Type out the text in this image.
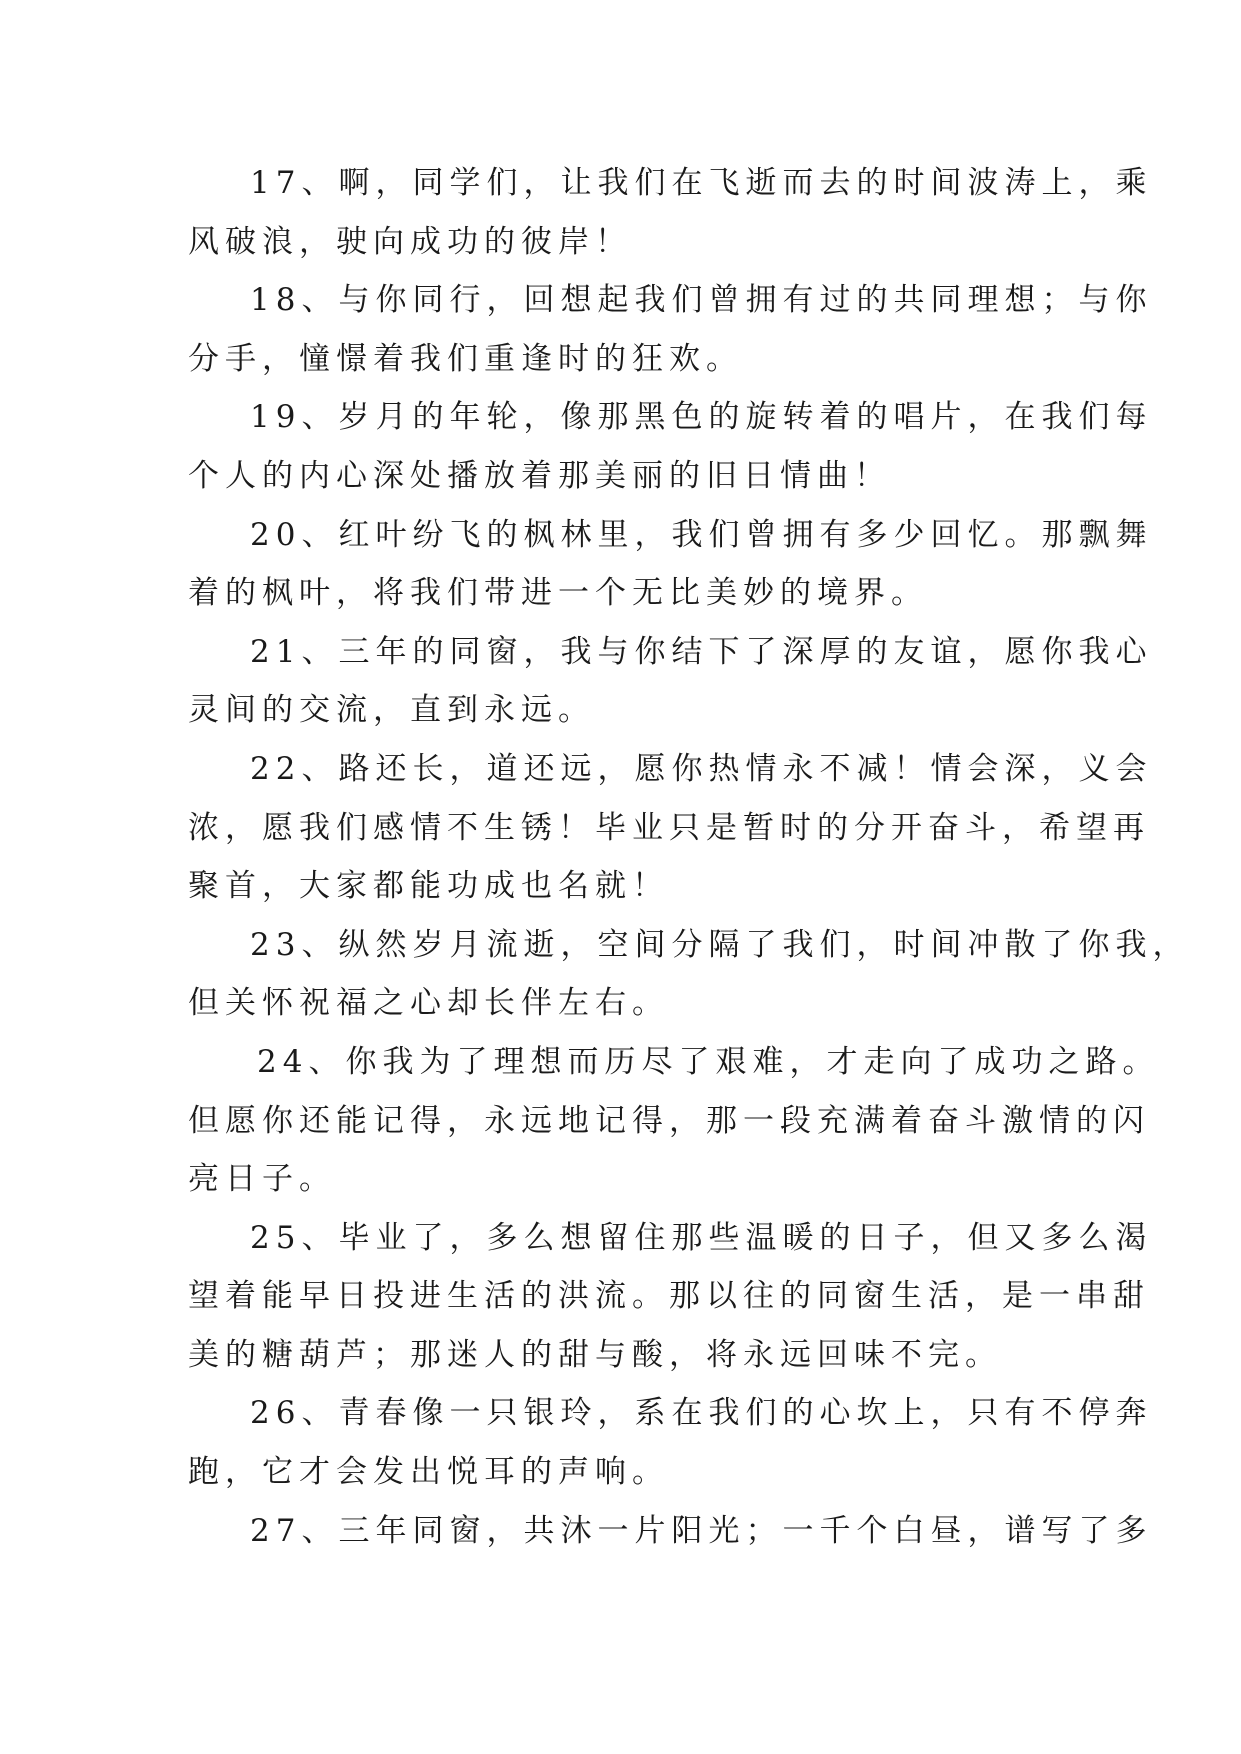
17、啊，同学们，让我们在飞逝而去的时间波涛上，乘
风破浪，驶向成功的彼岸！
18、与你同行，回想起我们曾拥有过的共同理想；与你
分手，憧憬着我们重逢时的狂欢。
19、岁月的年轮，像那黑色的旋转着的唱片，在我们每
个人的内心深处播放着那美丽的旧日情曲！
20、红叶纷飞的枫林里，我们曾拥有多少回忆。那飘舞
着的枫叶，将我们带进一个无比美妙的境界。
21、三年的同窗，我与你结下了深厚的友谊，愿你我心
灵间的交流，直到永远。
22、路还长，道还远，愿你热情永不减！情会深，义会
浓，愿我们感情不生锈！毕业只是暂时的分开奋斗，希望再
聚首，大家都能功成也名就！
23、纵然岁月流逝，空间分隔了我们，时间冲散了你我，
但关怀祝福之心却长伴左右。
24、你我为了理想而历尽了艰难，才走向了成功之路。
但愿你还能记得，永远地记得，那一段充满着奋斗激情的闪
亮日子。
25、毕业了，多么想留住那些温暖的日子，但又多么渴
望着能早日投进生活的洪流。那以往的同窗生活，是一串甜
美的糖葫芦；那迷人的甜与酸，将永远回味不完。
26、青春像一只银玲，系在我们的心坎上，只有不停奔
跑，它才会发出悦耳的声响。
27、三年同窗，共沐一片阳光；一千个白昼，谱写了多
